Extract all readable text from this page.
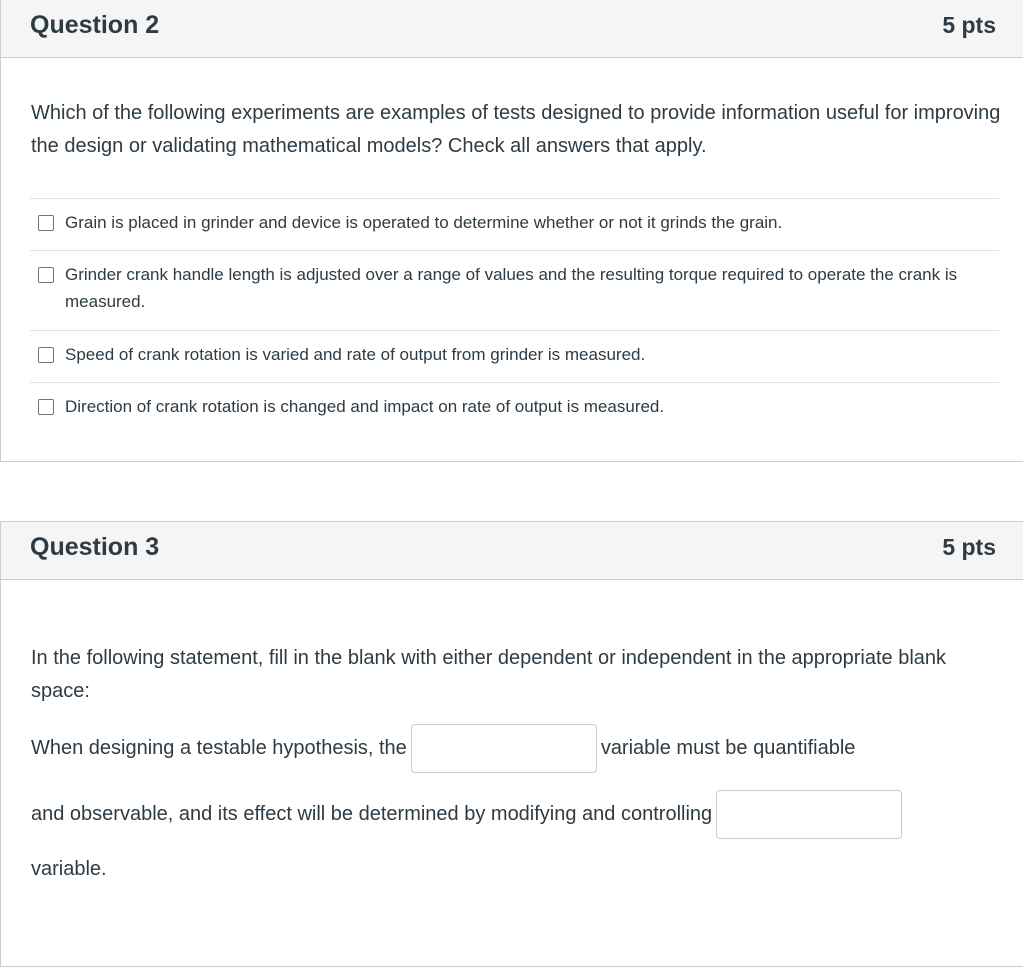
Question 2	5 pts
Which of the following experiments are examples of tests designed to provide information useful for improving the design or validating mathematical models? Check all answers that apply.
Grain is placed in grinder and device is operated to determine whether or not it grinds the grain.
Grinder crank handle length is adjusted over a range of values and the resulting torque required to operate the crank is measured.
Speed of crank rotation is varied and rate of output from grinder is measured.
Direction of crank rotation is changed and impact on rate of output is measured.
Question 3	5 pts
In the following statement, fill in the blank with either dependent or independent in the appropriate blank space:
When designing a testable hypothesis, the	variable must be quantifiable
and observable, and its effect will be determined by modifying and controlling
variable.
